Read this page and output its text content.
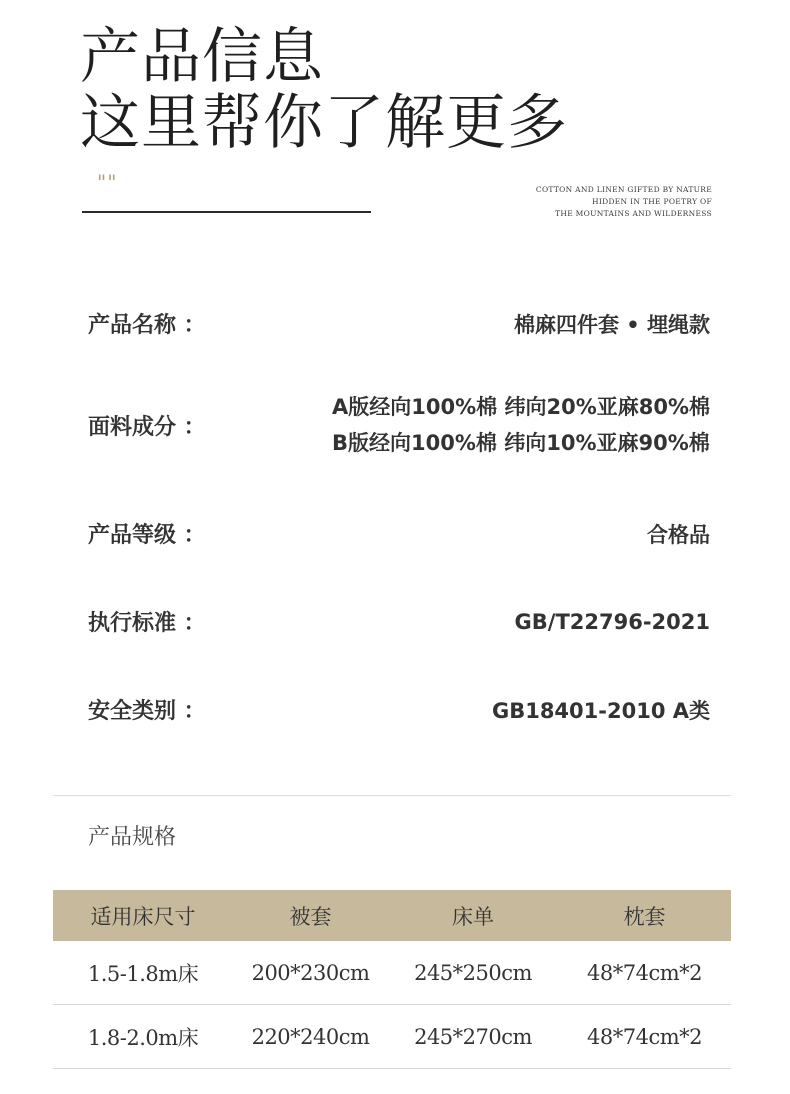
产品信息
这里帮你了解更多
""	COTTON AND LINEN GIFTED BY NATURE
HIDDEN IN THE POETRY OF
THE MOUNTAINS AND WILDERNESS
产品名称 ：	棉麻四件套 • 埋绳款
面料成分 ：
A版经向100%棉 纬向20%亚麻80%棉
B版经向100%棉 纬向10%亚麻90%棉
产品等级 ：	合格品
执行标准 ：	GB/T22796-2021
安全类别 ：	GB18401-2010 A类
产品规格
适用床尺寸	被套	床单	枕套
1.5-1.8m床	200*230cm	245*250cm	48*74cm*2
1.8-2.0m床	220*240cm	245*270cm	48*74cm*2
